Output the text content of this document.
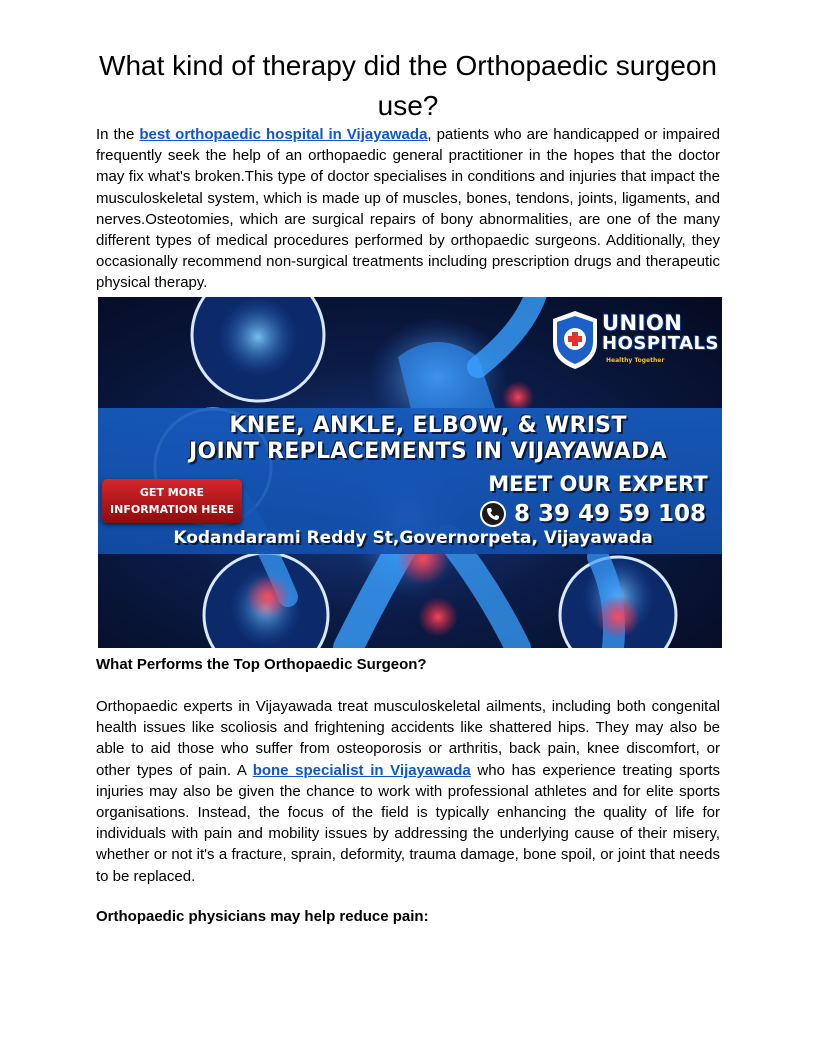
What kind of therapy did the Orthopaedic surgeon use?

In the best orthopaedic hospital in Vijayawada, patients who are handicapped or impaired frequently seek the help of an orthopaedic general practitioner in the hopes that the doctor may fix what's broken.This type of doctor specialises in conditions and injuries that impact the musculoskeletal system, which is made up of muscles, bones, tendons, joints, ligaments, and nerves.Osteotomies, which are surgical repairs of bony abnormalities, are one of the many different types of medical procedures performed by orthopaedic surgeons. Additionally, they occasionally recommend non-surgical treatments including prescription drugs and therapeutic physical therapy.

UNION
HOSPITALS
Healthy Together
KNEE, ANKLE, ELBOW, & WRIST
JOINT REPLACEMENTS IN VIJAYAWADA
GET MORE
INFORMATION HERE
MEET OUR EXPERT
8 39 49 59 108
Kodandarami Reddy St,Governorpeta, Vijayawada
What Performs the Top Orthopaedic Surgeon?

Orthopaedic experts in Vijayawada treat musculoskeletal ailments, including both congenital health issues like scoliosis and frightening accidents like shattered hips. They may also be able to aid those who suffer from osteoporosis or arthritis, back pain, knee discomfort, or other types of pain. A bone specialist in Vijayawada who has experience treating sports injuries may also be given the chance to work with professional athletes and for elite sports organisations. Instead, the focus of the field is typically enhancing the quality of life for individuals with pain and mobility issues by addressing the underlying cause of their misery, whether or not it's a fracture, sprain, deformity, trauma damage, bone spoil, or joint that needs to be replaced.

Orthopaedic physicians may help reduce pain:
